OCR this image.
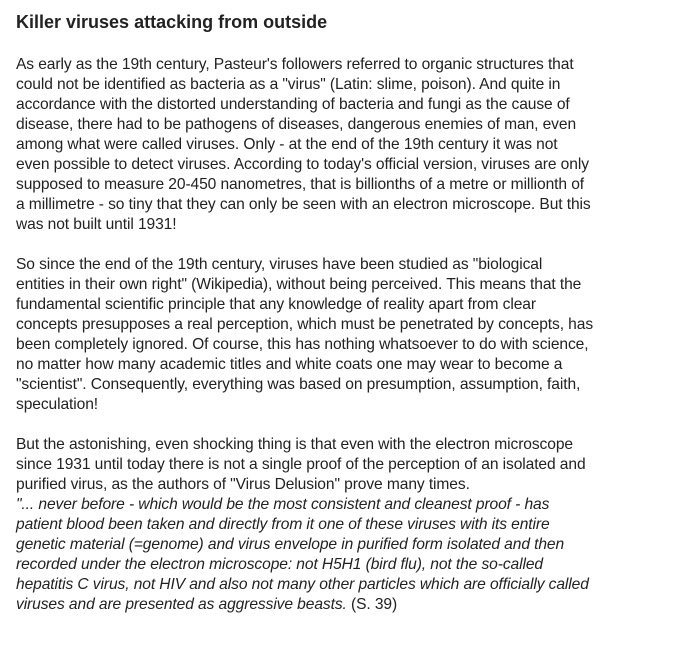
Killer viruses attacking from outside

As early as the 19th century, Pasteur's followers referred to organic structures that
could not be identified as bacteria as a "virus" (Latin: slime, poison). And quite in
accordance with the distorted understanding of bacteria and fungi as the cause of
disease, there had to be pathogens of diseases, dangerous enemies of man, even
among what were called viruses. Only - at the end of the 19th century it was not
even possible to detect viruses. According to today's official version, viruses are only
supposed to measure 20-450 nanometres, that is billionths of a metre or millionth of
a millimetre - so tiny that they can only be seen with an electron microscope. But this
was not built until 1931!

So since the end of the 19th century, viruses have been studied as "biological
entities in their own right" (Wikipedia), without being perceived. This means that the
fundamental scientific principle that any knowledge of reality apart from clear
concepts presupposes a real perception, which must be penetrated by concepts, has
been completely ignored. Of course, this has nothing whatsoever to do with science,
no matter how many academic titles and white coats one may wear to become a
"scientist". Consequently, everything was based on presumption, assumption, faith,
speculation!

But the astonishing, even shocking thing is that even with the electron microscope
since 1931 until today there is not a single proof of the perception of an isolated and
purified virus, as the authors of "Virus Delusion" prove many times.
"... never before - which would be the most consistent and cleanest proof - has
patient blood been taken and directly from it one of these viruses with its entire
genetic material (=genome) and virus envelope in purified form isolated and then
recorded under the electron microscope: not H5H1 (bird flu), not the so-called
hepatitis C virus, not HIV and also not many other particles which are officially called
viruses and are presented as aggressive beasts. (S. 39)
